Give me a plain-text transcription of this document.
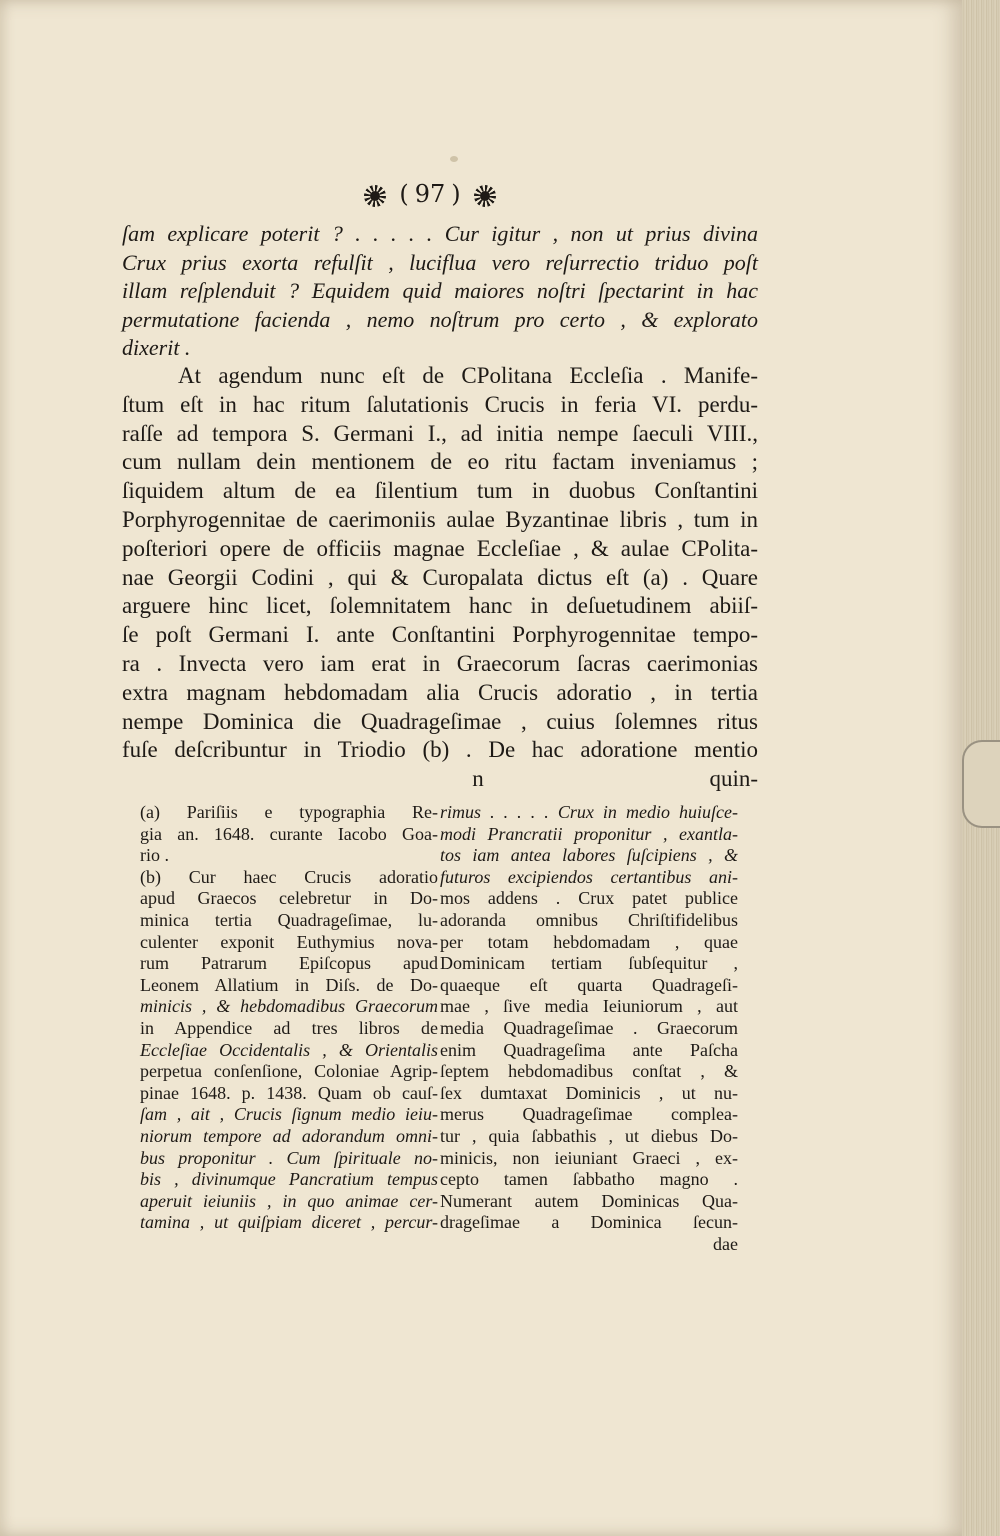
( 97 )
ſam explicare poterit ? . . . . . Cur igitur , non ut prius divina
Crux prius exorta refulſit , luciflua vero reſurrectio triduo poſt
illam reſplenduit ? Equidem quid maiores noſtri ſpectarint in hac
permutatione facienda , nemo noſtrum pro certo , & explorato
dixerit .
At agendum nunc eſt de CPolitana Eccleſia . Manife-
ſtum eſt in hac ritum ſalutationis Crucis in feria VI. perdu-
raſſe ad tempora S. Germani I., ad initia nempe ſaeculi VIII.,
cum nullam dein mentionem de eo ritu factam inveniamus ;
ſiquidem altum de ea ſilentium tum in duobus Conſtantini
Porphyrogennitae de caerimoniis aulae Byzantinae libris , tum in
poſteriori opere de officiis magnae Eccleſiae , & aulae CPolita-
nae Georgii Codini , qui & Curopalata dictus eſt (a) . Quare
arguere hinc licet, ſolemnitatem hanc in deſuetudinem abiiſ-
ſe poſt Germani I. ante Conſtantini Porphyrogennitae tempo-
ra . Invecta vero iam erat in Graecorum ſacras caerimonias
extra magnam hebdomadam alia Crucis adoratio , in tertia
nempe Dominica die Quadrageſimae , cuius ſolemnes ritus
fuſe deſcribuntur in Triodio (b) . De hac adoratione mentio
n	quin-
(a) Pariſiis e typographia Re-
gia an. 1648. curante Iacobo Goa-
rio .
(b) Cur haec Crucis adoratio
apud Graecos celebretur in Do-
minica tertia Quadrageſimae, lu-
culenter exponit Euthymius nova-
rum Patrarum Epiſcopus apud
Leonem Allatium in Diſs. de Do-
minicis , & hebdomadibus Graecorum
in Appendice ad tres libros de
Eccleſiae Occidentalis , & Orientalis
perpetua conſenſione, Coloniae Agrip-
pinae 1648. p. 1438. Quam ob cauſ-
ſam , ait , Crucis ſignum medio ieiu-
niorum tempore ad adorandum omni-
bus proponitur . Cum ſpirituale no-
bis , divinumque Pancratium tempus
aperuit ieiuniis , in quo animae cer-
tamina , ut quiſpiam diceret , percur-
rimus . . . . . Crux in medio huiuſce-
modi Prancratii proponitur , exantla-
tos iam antea labores ſuſcipiens , &
futuros excipiendos certantibus ani-
mos addens . Crux patet publice
adoranda omnibus Chriſtifidelibus
per totam hebdomadam , quae
Dominicam tertiam ſubſequitur ,
quaeque eſt quarta Quadrageſi-
mae , ſive media Ieiuniorum , aut
media Quadrageſimae . Graecorum
enim Quadrageſima ante Paſcha
ſeptem hebdomadibus conſtat , &
ſex dumtaxat Dominicis , ut nu-
merus Quadrageſimae complea-
tur , quia ſabbathis , ut diebus Do-
minicis, non ieiuniant Graeci , ex-
cepto tamen ſabbatho magno .
Numerant autem Dominicas Qua-
drageſimae a Dominica ſecun-
dae
